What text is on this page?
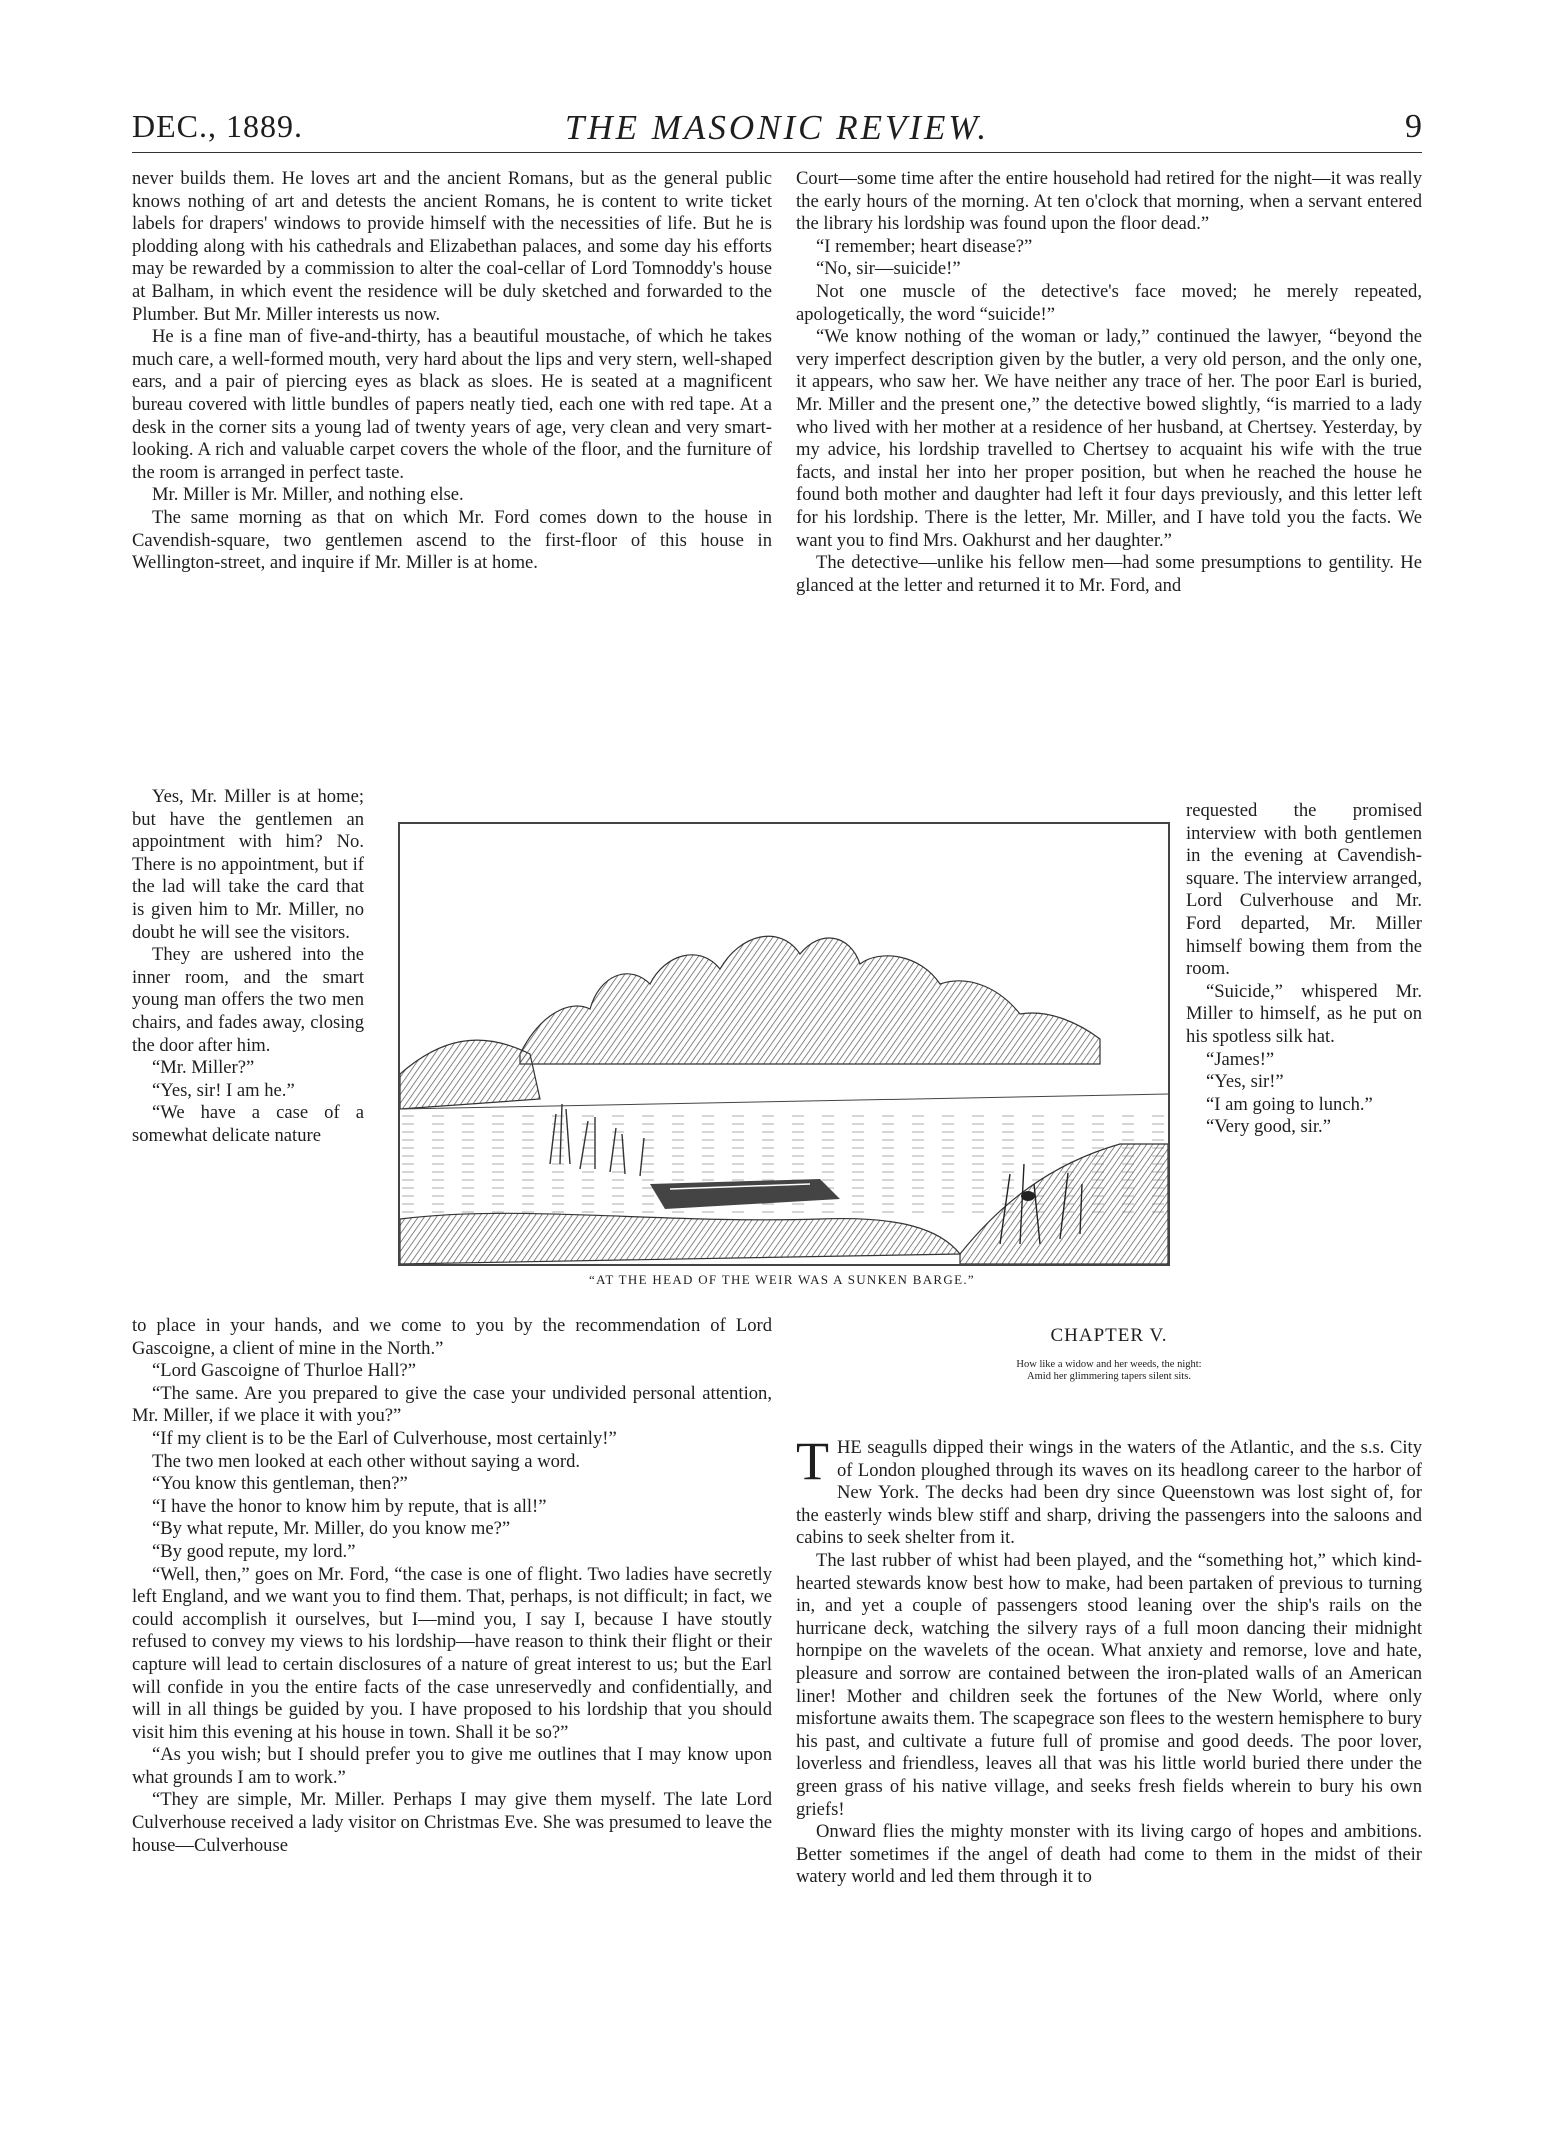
THE MASONIC REVIEW.
DEC., 1889.	9

never builds them. He loves art and the ancient Romans, but as the general public knows nothing of art and detests the ancient Romans, he is content to write ticket labels for drapers' windows to provide himself with the necessities of life. But he is plodding along with his cathedrals and Elizabethan palaces, and some day his efforts may be rewarded by a commission to alter the coal-cellar of Lord Tomnoddy's house at Balham, in which event the residence will be duly sketched and forwarded to the Plumber. But Mr. Miller interests us now.

He is a fine man of five-and-thirty, has a beautiful moustache, of which he takes much care, a well-formed mouth, very hard about the lips and very stern, well-shaped ears, and a pair of piercing eyes as black as sloes. He is seated at a magnificent bureau covered with little bundles of papers neatly tied, each one with red tape. At a desk in the corner sits a young lad of twenty years of age, very clean and very smart-looking. A rich and valuable carpet covers the whole of the floor, and the furniture of the room is arranged in perfect taste.

Mr. Miller is Mr. Miller, and nothing else.

The same morning as that on which Mr. Ford comes down to the house in Cavendish-square, two gentlemen ascend to the first-floor of this house in Wellington-street, and inquire if Mr. Miller is at home.

Yes, Mr. Miller is at home; but have the gentlemen an appointment with him? No. There is no appointment, but if the lad will take the card that is given him to Mr. Miller, no doubt he will see the visitors.

They are ushered into the inner room, and the smart young man offers the two men chairs, and fades away, closing the door after him.

“Mr. Miller?”

“Yes, sir! I am he.”

“We have a case of a somewhat delicate nature

to place in your hands, and we come to you by the recommendation of Lord Gascoigne, a client of mine in the North.”

“Lord Gascoigne of Thurloe Hall?”

“The same. Are you prepared to give the case your undivided personal attention, Mr. Miller, if we place it with you?”

“If my client is to be the Earl of Culverhouse, most certainly!”

The two men looked at each other without saying a word.

“You know this gentleman, then?”

“I have the honor to know him by repute, that is all!”

“By what repute, Mr. Miller, do you know me?”

“By good repute, my lord.”

“Well, then,” goes on Mr. Ford, “the case is one of flight. Two ladies have secretly left England, and we want you to find them. That, perhaps, is not difficult; in fact, we could accomplish it ourselves, but I—mind you, I say I, because I have stoutly refused to convey my views to his lordship—have reason to think their flight or their capture will lead to certain disclosures of a nature of great interest to us; but the Earl will confide in you the entire facts of the case unreservedly and confidentially, and will in all things be guided by you. I have proposed to his lordship that you should visit him this evening at his house in town. Shall it be so?”

“As you wish; but I should prefer you to give me outlines that I may know upon what grounds I am to work.”

“They are simple, Mr. Miller. Perhaps I may give them myself. The late Lord Culverhouse received a lady visitor on Christmas Eve. She was presumed to leave the house—Culverhouse

Court—some time after the entire household had retired for the night—it was really the early hours of the morning. At ten o'clock that morning, when a servant entered the library his lordship was found upon the floor dead.”

“I remember; heart disease?”

“No, sir—suicide!”

Not one muscle of the detective's face moved; he merely repeated, apologetically, the word “suicide!”

“We know nothing of the woman or lady,” continued the lawyer, “beyond the very imperfect description given by the butler, a very old person, and the only one, it appears, who saw her. We have neither any trace of her. The poor Earl is buried, Mr. Miller and the present one,” the detective bowed slightly, “is married to a lady who lived with her mother at a residence of her husband, at Chertsey. Yesterday, by my advice, his lordship travelled to Chertsey to acquaint his wife with the true facts, and instal her into her proper position, but when he reached the house he found both mother and daughter had left it four days previously, and this letter left for his lordship. There is the letter, Mr. Miller, and I have told you the facts. We want you to find Mrs. Oakhurst and her daughter.”

The detective—unlike his fellow men—had some presumptions to gentility. He glanced at the letter and returned it to Mr. Ford, and

requested the promised interview with both gentlemen in the evening at Cavendish-square. The interview arranged, Lord Culverhouse and Mr. Ford departed, Mr. Miller himself bowing them from the room.

“Suicide,” whispered Mr. Miller to himself, as he put on his spotless silk hat.

“James!”

“Yes, sir!”

“I am going to lunch.”

“Very good, sir.”

“AT THE HEAD OF THE WEIR WAS A SUNKEN BARGE.”
CHAPTER V.
How like a widow and her weeds, the night:
Amid her glimmering tapers silent sits.

THE seagulls dipped their wings in the waters of the Atlantic, and the s.s. City of London ploughed through its waves on its headlong career to the harbor of New York. The decks had been dry since Queenstown was lost sight of, for the easterly winds blew stiff and sharp, driving the passengers into the saloons and cabins to seek shelter from it.

The last rubber of whist had been played, and the “something hot,” which kind-hearted stewards know best how to make, had been partaken of previous to turning in, and yet a couple of passengers stood leaning over the ship's rails on the hurricane deck, watching the silvery rays of a full moon dancing their midnight hornpipe on the wavelets of the ocean. What anxiety and remorse, love and hate, pleasure and sorrow are contained between the iron-plated walls of an American liner! Mother and children seek the fortunes of the New World, where only misfortune awaits them. The scapegrace son flees to the western hemisphere to bury his past, and cultivate a future full of promise and good deeds. The poor lover, loverless and friendless, leaves all that was his little world buried there under the green grass of his native village, and seeks fresh fields wherein to bury his own griefs!

Onward flies the mighty monster with its living cargo of hopes and ambitions. Better sometimes if the angel of death had come to them in the midst of their watery world and led them through it to
